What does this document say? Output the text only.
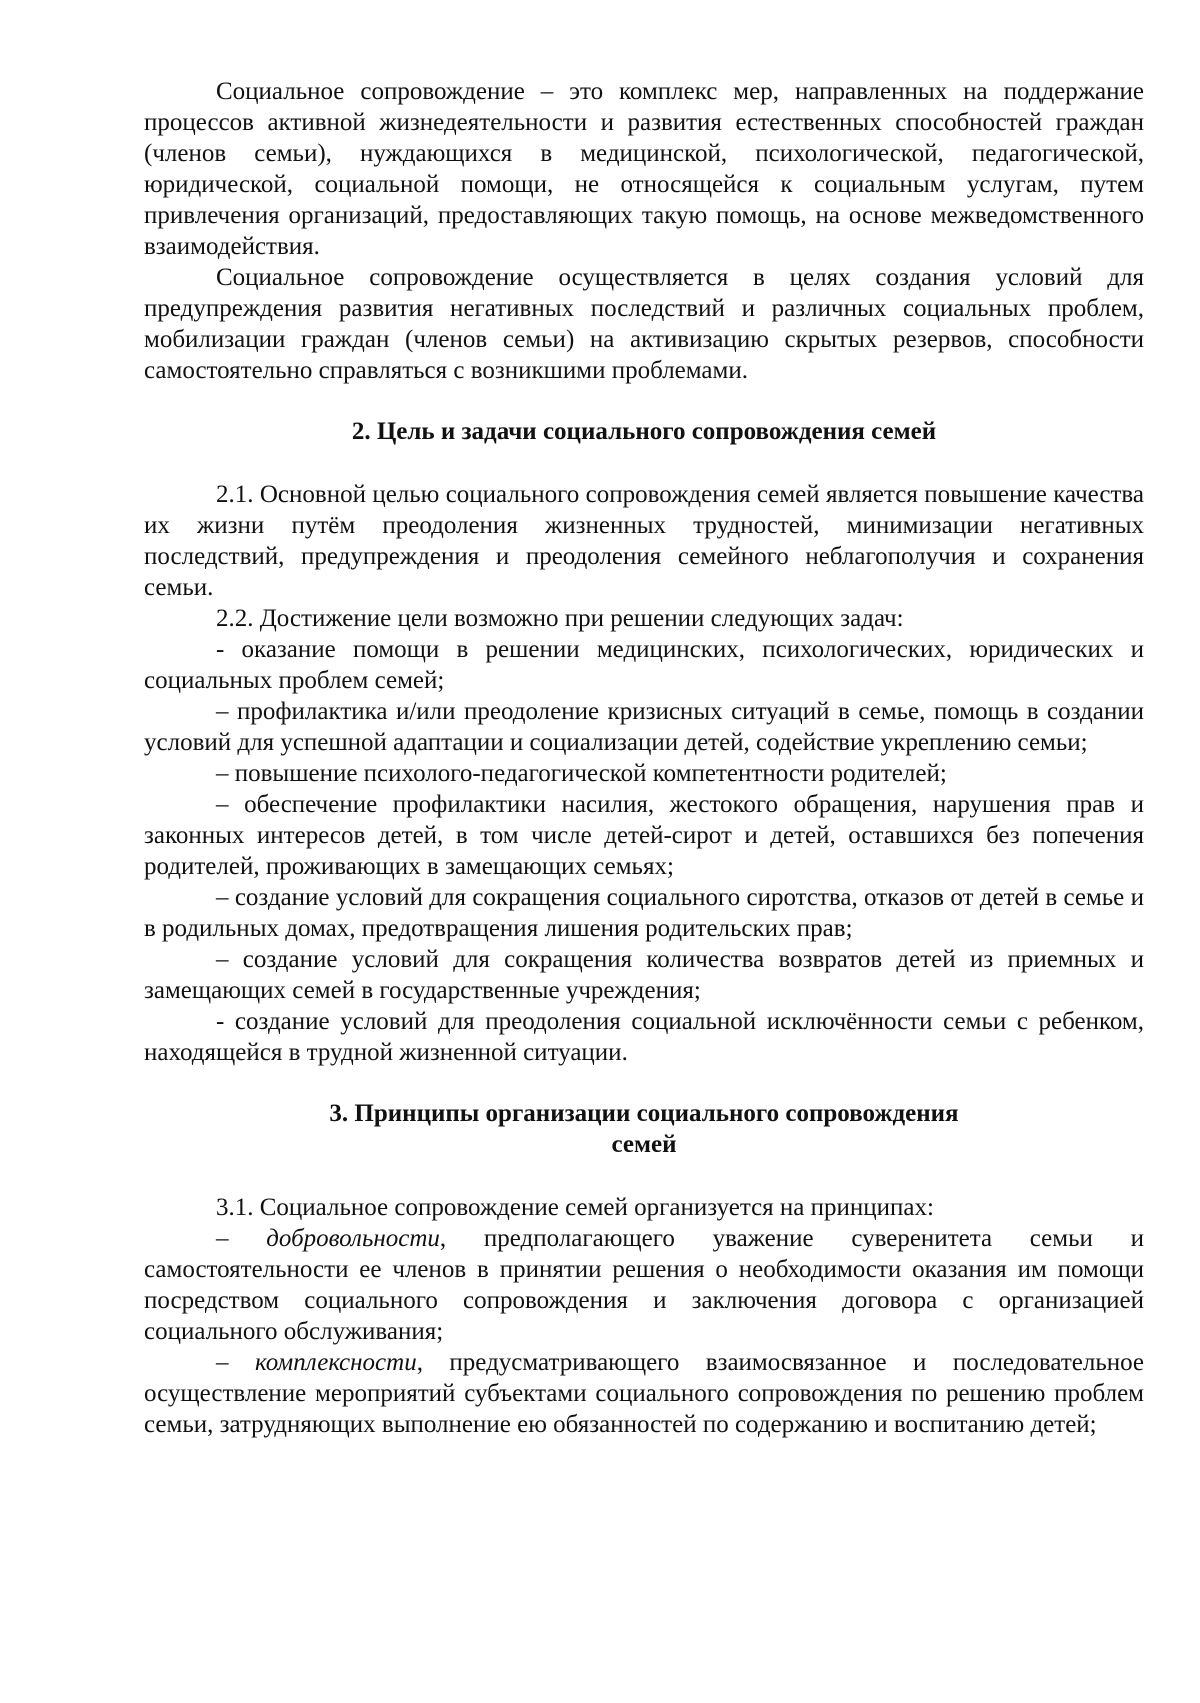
Социальное сопровождение – это комплекс мер, направленных на поддержание процессов активной жизнедеятельности и развития естественных способностей граждан (членов семьи), нуждающихся в медицинской, психологической, педагогической, юридической, социальной помощи, не относящейся к социальным услугам, путем привлечения организаций, предоставляющих такую помощь, на основе межведомственного взаимодействия.

Социальное сопровождение осуществляется в целях создания условий для предупреждения развития негативных последствий и различных социальных проблем, мобилизации граждан (членов семьи) на активизацию скрытых резервов, способности самостоятельно справляться с возникшими проблемами.

2. Цель и задачи социального сопровождения семей

2.1. Основной целью социального сопровождения семей является повышение качества их жизни путём преодоления жизненных трудностей, минимизации негативных последствий, предупреждения и преодоления семейного неблагополучия и сохранения семьи.

2.2. Достижение цели возможно при решении следующих задач:

- оказание помощи в решении медицинских, психологических, юридических и социальных проблем семей;

– профилактика и/или преодоление кризисных ситуаций в семье, помощь в создании условий для успешной адаптации и социализации детей, содействие укреплению семьи;

– повышение психолого-педагогической компетентности родителей;

– обеспечение профилактики насилия, жестокого обращения, нарушения прав и законных интересов детей, в том числе детей-сирот и детей, оставшихся без попечения родителей, проживающих в замещающих семьях;

– создание условий для сокращения социального сиротства, отказов от детей в семье и в родильных домах, предотвращения лишения родительских прав;

– создание условий для сокращения количества возвратов детей из приемных и замещающих семей в государственные учреждения;

- создание условий для преодоления социальной исключённости семьи с ребенком, находящейся в трудной жизненной ситуации.

3. Принципы организации социального сопровождения
семей

3.1. Социальное сопровождение семей организуется на принципах:

– добровольности, предполагающего уважение суверенитета семьи и самостоятельности ее членов в принятии решения о необходимости оказания им помощи посредством социального сопровождения и заключения договора с организацией социального обслуживания;

– комплексности, предусматривающего взаимосвязанное и последовательное осуществление мероприятий субъектами социального сопровождения по решению проблем семьи, затрудняющих выполнение ею обязанностей по содержанию и воспитанию детей;
